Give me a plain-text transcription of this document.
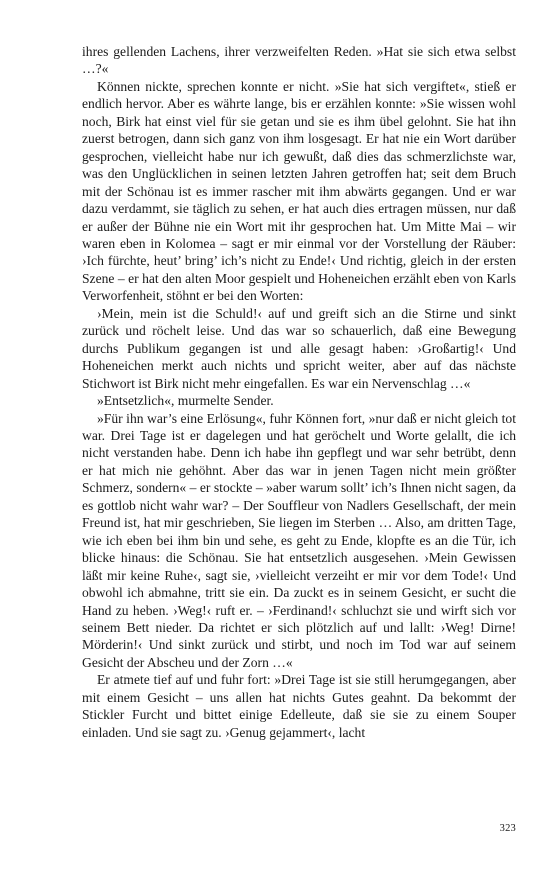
ihres gellenden Lachens, ihrer verzweifelten Reden. »Hat sie sich etwa selbst …?«

Können nickte, sprechen konnte er nicht. »Sie hat sich vergiftet«, stieß er endlich hervor. Aber es währte lange, bis er erzählen konnte: »Sie wissen wohl noch, Birk hat einst viel für sie getan und sie es ihm übel gelohnt. Sie hat ihn zuerst betrogen, dann sich ganz von ihm losgesagt. Er hat nie ein Wort darüber gesprochen, vielleicht habe nur ich gewußt, daß dies das schmerzlichste war, was den Unglücklichen in seinen letzten Jahren getroffen hat; seit dem Bruch mit der Schönau ist es immer rascher mit ihm abwärts gegangen. Und er war dazu verdammt, sie täglich zu sehen, er hat auch dies ertragen müssen, nur daß er außer der Bühne nie ein Wort mit ihr gesprochen hat. Um Mitte Mai – wir waren eben in Kolomea – sagt er mir einmal vor der Vorstellung der Räuber: ›Ich fürchte, heut’ bring’ ich’s nicht zu Ende!‹ Und richtig, gleich in der ersten Szene – er hat den alten Moor gespielt und Hoheneichen erzählt eben von Karls Verworfenheit, stöhnt er bei den Worten:

›Mein, mein ist die Schuld!‹ auf und greift sich an die Stirne und sinkt zurück und röchelt leise. Und das war so schauerlich, daß eine Bewegung durchs Publikum gegangen ist und alle gesagt haben: ›Großartig!‹ Und Hoheneichen merkt auch nichts und spricht weiter, aber auf das nächste Stichwort ist Birk nicht mehr eingefallen. Es war ein Nervenschlag …«

»Entsetzlich«, murmelte Sender.

»Für ihn war’s eine Erlösung«, fuhr Können fort, »nur daß er nicht gleich tot war. Drei Tage ist er dagelegen und hat geröchelt und Worte gelallt, die ich nicht verstanden habe. Denn ich habe ihn gepflegt und war sehr betrübt, denn er hat mich nie gehöhnt. Aber das war in jenen Tagen nicht mein größter Schmerz, sondern« – er stockte – »aber warum sollt’ ich’s Ihnen nicht sagen, da es gottlob nicht wahr war? – Der Souffleur von Nadlers Gesellschaft, der mein Freund ist, hat mir geschrieben, Sie liegen im Sterben … Also, am dritten Tage, wie ich eben bei ihm bin und sehe, es geht zu Ende, klopfte es an die Tür, ich blicke hinaus: die Schönau. Sie hat entsetzlich ausgesehen. ›Mein Gewissen läßt mir keine Ruhe‹, sagt sie, ›vielleicht verzeiht er mir vor dem Tode!‹ Und obwohl ich abmahne, tritt sie ein. Da zuckt es in seinem Gesicht, er sucht die Hand zu heben. ›Weg!‹ ruft er. – ›Ferdinand!‹ schluchzt sie und wirft sich vor seinem Bett nieder. Da richtet er sich plötzlich auf und lallt: ›Weg! Dirne! Mörderin!‹ Und sinkt zurück und stirbt, und noch im Tod war auf seinem Gesicht der Abscheu und der Zorn …«

Er atmete tief auf und fuhr fort: »Drei Tage ist sie still herumgegangen, aber mit einem Gesicht – uns allen hat nichts Gutes geahnt. Da bekommt der Stickler Furcht und bittet einige Edelleute, daß sie sie zu einem Souper einladen. Und sie sagt zu. ›Genug gejammert‹, lacht

323
